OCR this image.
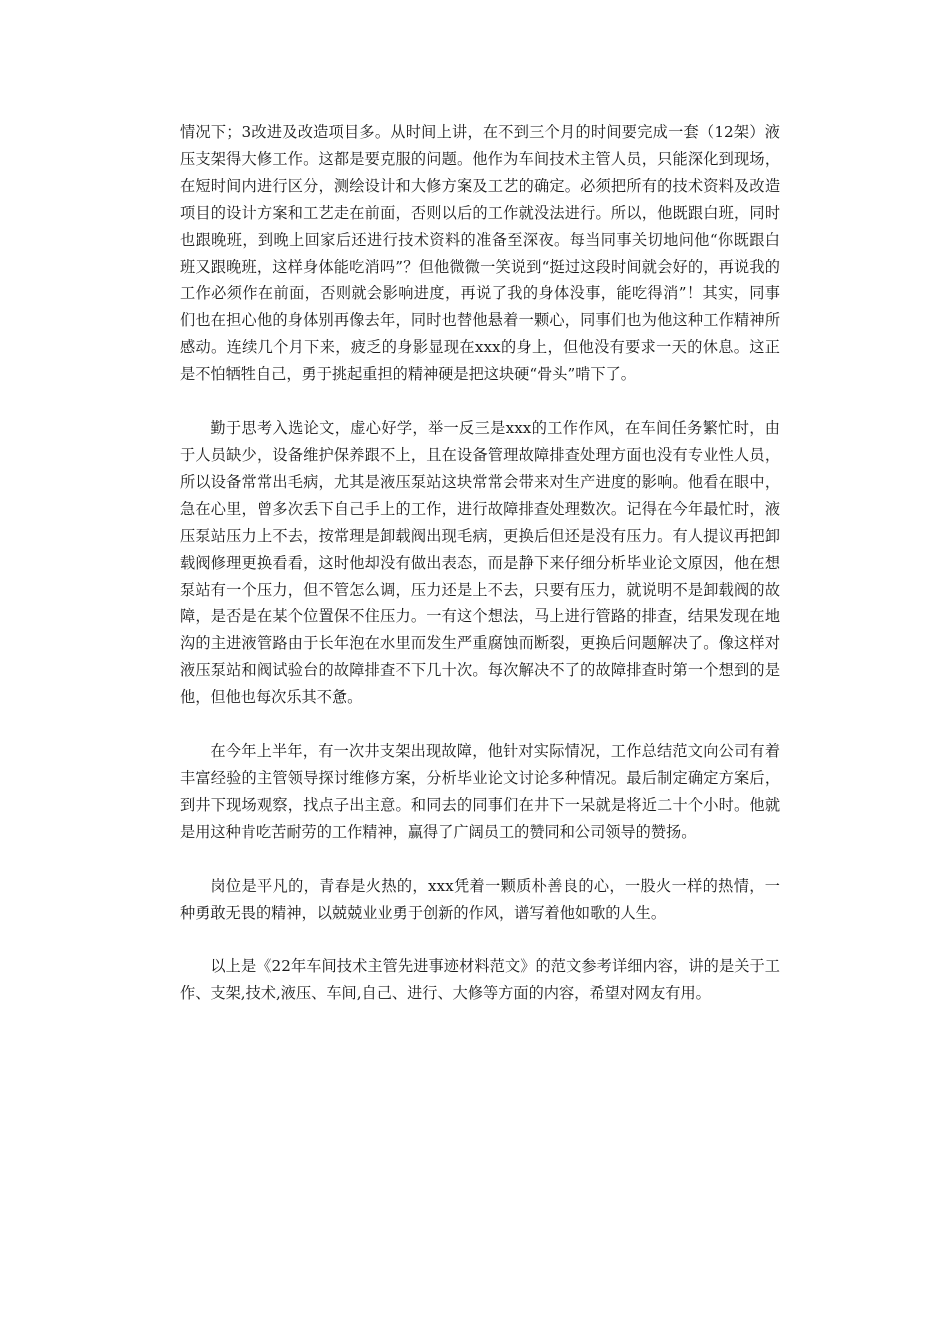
情况下；3改进及改造项目多。从时间上讲，在不到三个月的时间要完成一套（12架）液压支架得大修工作。这都是要克服的问题。他作为车间技术主管人员，只能深化到现场，在短时间内进行区分，测绘设计和大修方案及工艺的确定。必须把所有的技术资料及改造项目的设计方案和工艺走在前面，否则以后的工作就没法进行。所以，他既跟白班，同时也跟晚班，到晚上回家后还进行技术资料的准备至深夜。每当同事关切地问他“你既跟白班又跟晚班，这样身体能吃消吗”？但他微微一笑说到“挺过这段时间就会好的，再说我的工作必须作在前面，否则就会影响进度，再说了我的身体没事，能吃得消”！其实，同事们也在担心他的身体别再像去年，同时也替他悬着一颗心，同事们也为他这种工作精神所感动。连续几个月下来，疲乏的身影显现在xxx的身上，但他没有要求一天的休息。这正是不怕牺牲自己，勇于挑起重担的精神硬是把这块硬“骨头”啃下了。

勤于思考入选论文，虚心好学，举一反三是xxx的工作作风，在车间任务繁忙时，由于人员缺少，设备维护保养跟不上，且在设备管理故障排查处理方面也没有专业性人员，所以设备常常出毛病，尤其是液压泵站这块常常会带来对生产进度的影响。他看在眼中，急在心里，曾多次丢下自己手上的工作，进行故障排查处理数次。记得在今年最忙时，液压泵站压力上不去，按常理是卸载阀出现毛病，更换后但还是没有压力。有人提议再把卸载阀修理更换看看，这时他却没有做出表态，而是静下来仔细分析毕业论文原因，他在想泵站有一个压力，但不管怎么调，压力还是上不去，只要有压力，就说明不是卸载阀的故障，是否是在某个位置保不住压力。一有这个想法，马上进行管路的排查，结果发现在地沟的主进液管路由于长年泡在水里而发生严重腐蚀而断裂，更换后问题解决了。像这样对液压泵站和阀试验台的故障排查不下几十次。每次解决不了的故障排查时第一个想到的是他，但他也每次乐其不惫。

在今年上半年，有一次井支架出现故障，他针对实际情况，工作总结范文向公司有着丰富经验的主管领导探讨维修方案，分析毕业论文讨论多种情况。最后制定确定方案后，到井下现场观察，找点子出主意。和同去的同事们在井下一呆就是将近二十个小时。他就是用这种肯吃苦耐劳的工作精神，赢得了广阔员工的赞同和公司领导的赞扬。

岗位是平凡的，青春是火热的，xxx凭着一颗质朴善良的心，一股火一样的热情，一种勇敢无畏的精神，以兢兢业业勇于创新的作风，谱写着他如歌的人生。

以上是《22年车间技术主管先进事迹材料范文》的范文参考详细内容，讲的是关于工作、支架,技术,液压、车间,自己、进行、大修等方面的内容，希望对网友有用。
